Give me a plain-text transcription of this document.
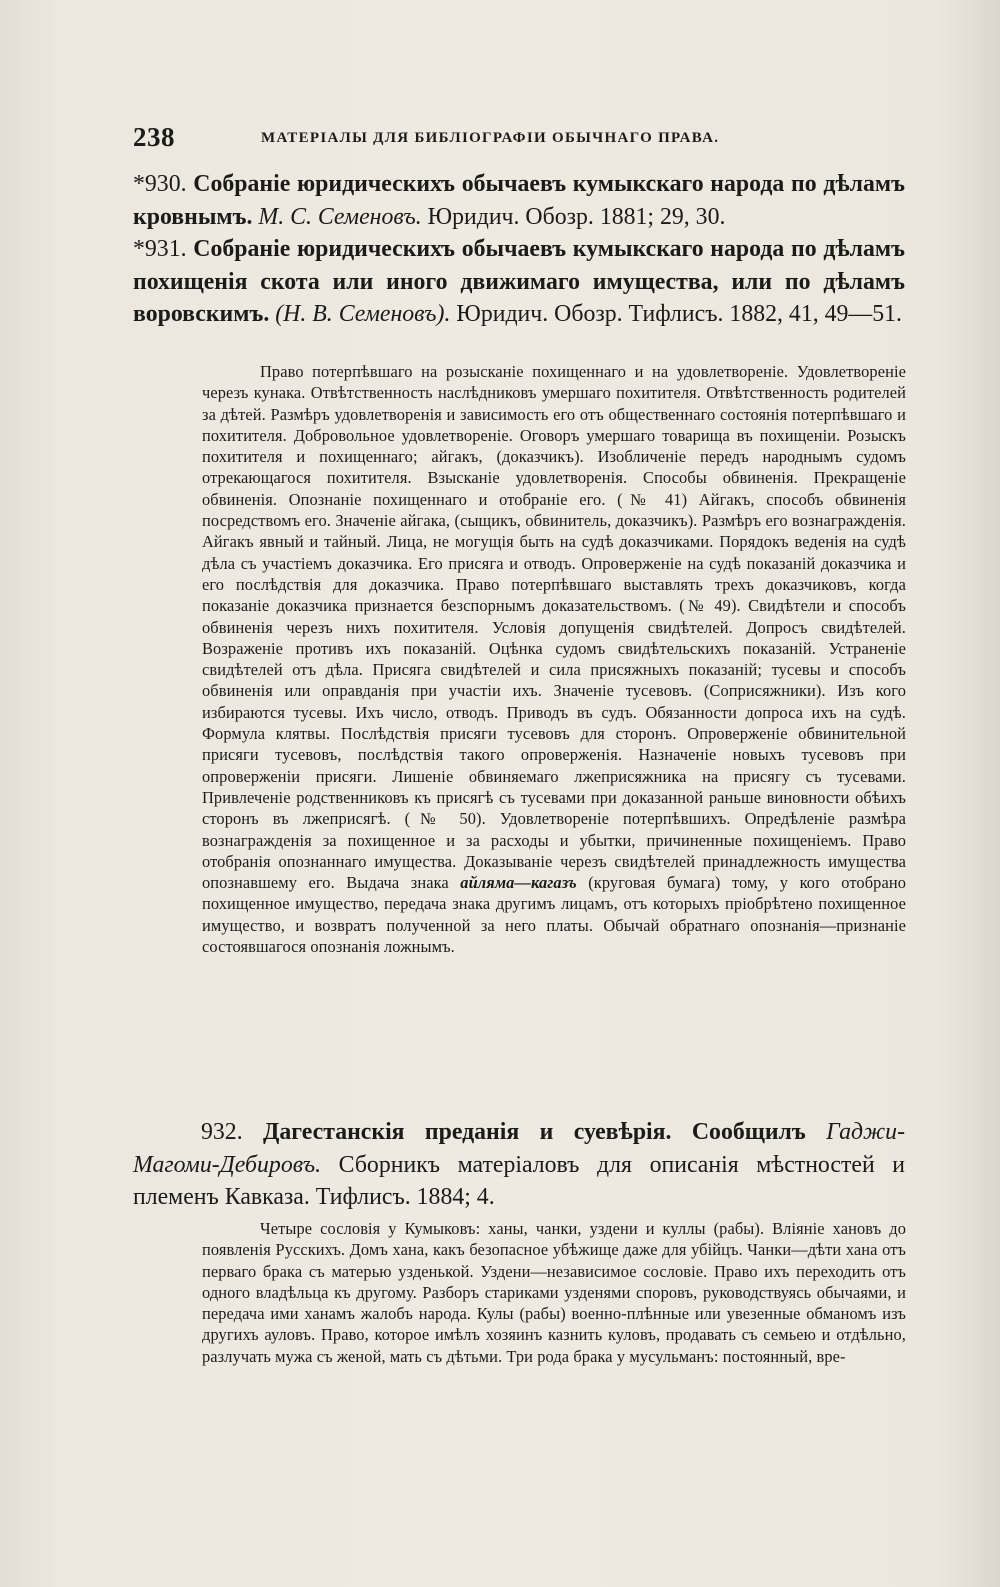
238	МАТЕРІАЛЫ ДЛЯ БИБЛІОГРАФІИ ОБЫЧНАГО ПРАВА.
*930. Собраніе юридическихъ обычаевъ кумыкскаго народа по дѣламъ кровнымъ. М. С. Семеновъ. Юридич. Обозр. 1881; 29, 30.
*931. Собраніе юридическихъ обычаевъ кумыкскаго народа по дѣламъ похищенія скота или иного движимаго имущества, или по дѣламъ воровскимъ. (Н. В. Семеновъ). Юридич. Обозр. Тифлисъ. 1882, 41, 49—51.
Право потерпѣвшаго на розысканіе похищеннаго и на удовлетвореніе. Удовлетвореніе черезъ кунака. Отвѣтственность наслѣдниковъ умершаго похитителя. Отвѣтственность родителей за дѣтей. Размѣръ удовлетворенія и зависимость его отъ общественнаго состоянія потерпѣвшаго и похитителя. Добровольное удовлетвореніе. Оговоръ умершаго товарища въ похищеніи. Розыскъ похитителя и похищеннаго; айгакъ, (доказчикъ). Изобличеніе передъ народнымъ судомъ отрекающагося похитителя. Взысканіе удовлетворенія. Способы обвиненія. Прекращеніе обвиненія. Опознаніе похищеннаго и отобраніе его. (№ 41) Айгакъ, способъ обвиненія посредствомъ его. Значеніе айгака, (сыщикъ, обвинитель, доказчикъ). Размѣръ его вознагражденія. Айгакъ явный и тайный. Лица, не могущія быть на судѣ доказчиками. Порядокъ веденія на судѣ дѣла съ участіемъ доказчика. Его присяга и отводъ. Опроверженіе на судѣ показаній доказчика и его послѣдствія для доказчика. Право потерпѣвшаго выставлять трехъ доказчиковъ, когда показаніе доказчика признается безспорнымъ доказательствомъ. (№ 49). Свидѣтели и способъ обвиненія черезъ нихъ похитителя. Условія допущенія свидѣтелей. Допросъ свидѣтелей. Возраженіе противъ ихъ показаній. Оцѣнка судомъ свидѣтельскихъ показаній. Устраненіе свидѣтелей отъ дѣла. Присяга свидѣтелей и сила присяжныхъ показаній; тусевы и способъ обвиненія или оправданія при участіи ихъ. Значеніе тусевовъ. (Соприсяжники). Изъ кого избираются тусевы. Ихъ число, отводъ. Приводъ въ судъ. Обязанности допроса ихъ на судѣ. Формула клятвы. Послѣдствія присяги тусевовъ для сторонъ. Опроверженіе обвинительной присяги тусевовъ, послѣдствія такого опроверженія. Назначеніе новыхъ тусевовъ при опроверженіи присяги. Лишеніе обвиняемаго лжеприсяжника на присягу съ тусевами. Привлеченіе родственниковъ къ присягѣ съ тусевами при доказанной раньше виновности обѣихъ сторонъ въ лжеприсягѣ. (№ 50). Удовлетвореніе потерпѣвшихъ. Опредѣленіе размѣра вознагражденія за похищенное и за расходы и убытки, причиненные похищеніемъ. Право отобранія опознаннаго имущества. Доказываніе черезъ свидѣтелей принадлежность имущества опознавшему его. Выдача знака айляма—кагазъ (круговая бумага) тому, у кого отобрано похищенное имущество, передача знака другимъ лицамъ, отъ которыхъ пріобрѣтено похищенное имущество, и возвратъ полученной за него платы. Обычай обратнаго опознанія—признаніе состоявшагося опознанія ложнымъ.
932. Дагестанскія преданія и суевѣрія. Сообщилъ Гаджи-Магоми-Дебировъ. Сборникъ матеріаловъ для описанія мѣстностей и племенъ Кавказа. Тифлисъ. 1884; 4.
Четыре сословія у Кумыковъ: ханы, чанки, уздени и куллы (рабы). Вліяніе хановъ до появленія Русскихъ. Домъ хана, какъ безопасное убѣжище даже для убійцъ. Чанки—дѣти хана отъ перваго брака съ матерью узденькой. Уздени—независимое сословіе. Право ихъ переходить отъ одного владѣльца къ другому. Разборъ стариками узденями споровъ, руководствуясь обычаями, и передача ими ханамъ жалобъ народа. Кулы (рабы) военно-плѣнные или увезенные обманомъ изъ другихъ ауловъ. Право, которое имѣлъ хозяинъ казнить куловъ, продавать съ семьею и отдѣльно, разлучать мужа съ женой, мать съ дѣтьми. Три рода брака у мусульманъ: постоянный, вре-
